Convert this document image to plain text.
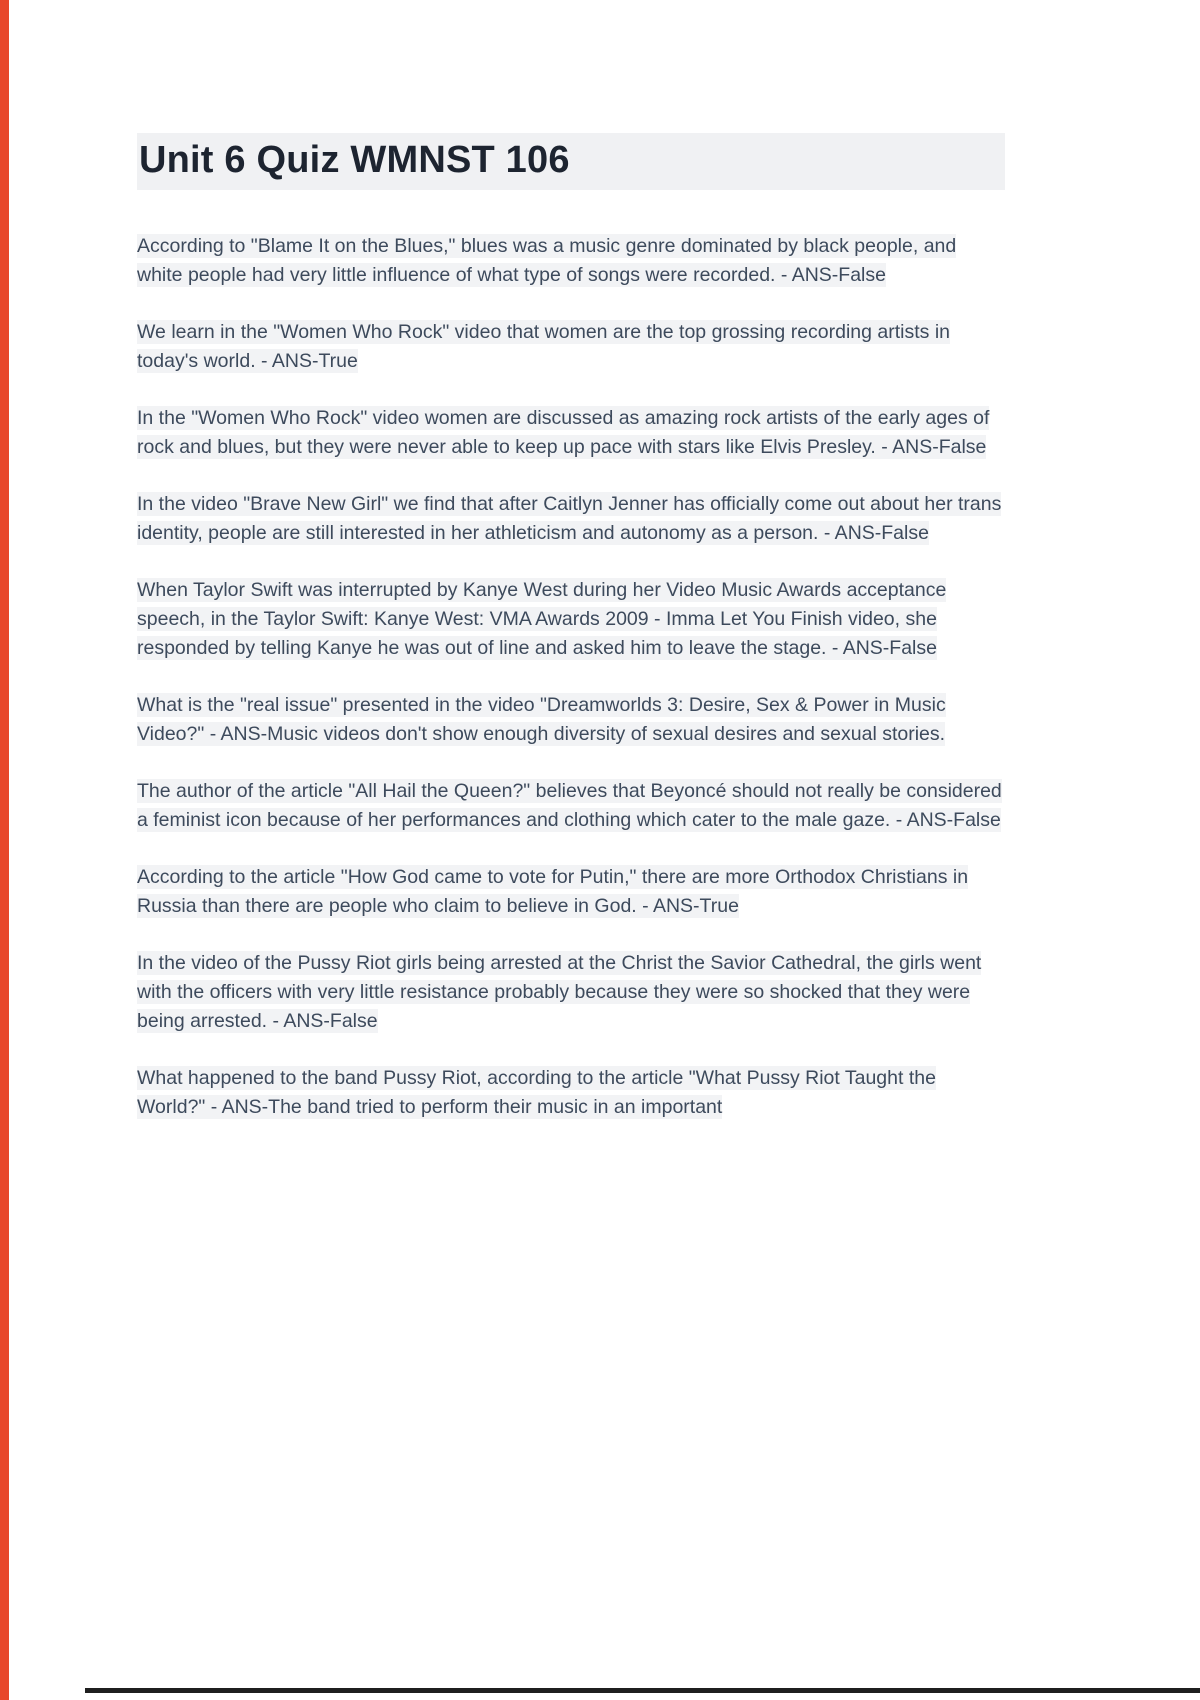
Unit 6 Quiz WMNST 106

According to "Blame It on the Blues," blues was a music genre dominated by black people, and white people had very little influence of what type of songs were recorded. - ANS-False

We learn in the "Women Who Rock" video that women are the top grossing recording artists in today's world. - ANS-True

In the "Women Who Rock" video women are discussed as amazing rock artists of the early ages of rock and blues, but they were never able to keep up pace with stars like Elvis Presley. - ANS-False

In the video "Brave New Girl" we find that after Caitlyn Jenner has officially come out about her trans identity, people are still interested in her athleticism and autonomy as a person. - ANS-False

When Taylor Swift was interrupted by Kanye West during her Video Music Awards acceptance speech, in the Taylor Swift: Kanye West: VMA Awards 2009 - Imma Let You Finish video, she responded by telling Kanye he was out of line and asked him to leave the stage. - ANS-False

What is the "real issue" presented in the video "Dreamworlds 3: Desire, Sex & Power in Music Video?" - ANS-Music videos don't show enough diversity of sexual desires and sexual stories.

The author of the article "All Hail the Queen?" believes that Beyoncé should not really be considered a feminist icon because of her performances and clothing which cater to the male gaze. - ANS-False

According to the article "How God came to vote for Putin," there are more Orthodox Christians in Russia than there are people who claim to believe in God. - ANS-True

In the video of the Pussy Riot girls being arrested at the Christ the Savior Cathedral, the girls went with the officers with very little resistance probably because they were so shocked that they were being arrested. - ANS-False

What happened to the band Pussy Riot, according to the article "What Pussy Riot Taught the World?" - ANS-The band tried to perform their music in an important
